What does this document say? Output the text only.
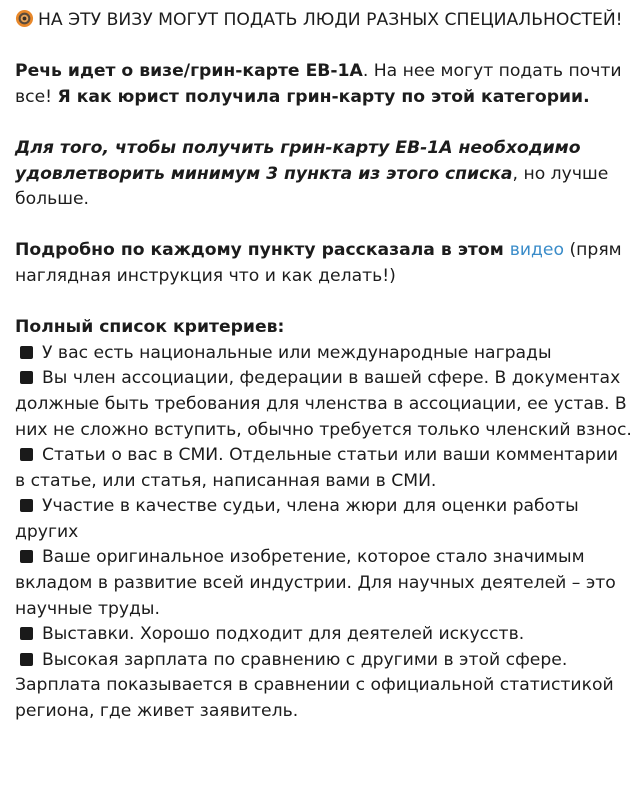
НА ЭТУ ВИЗУ МОГУТ ПОДАТЬ ЛЮДИ РАЗНЫХ СПЕЦИАЛЬНОСТЕЙ!

Речь идет о визе/грин-карте EB-1A. На нее могут подать почти все! Я как юрист получила грин-карту по этой категории.

Для того, чтобы получить грин-карту EB-1A необходимо удовлетворить минимум 3 пункта из этого списка, но лучше больше.

Подробно по каждому пункту рассказала в этом видео (прям наглядная инструкция что и как делать!)

Полный список критериев:

У вас есть национальные или международные награды
Вы член ассоциации, федерации в вашей сфере. В документах должные быть требования для членства в ассоциации, ее устав. В них не сложно вступить, обычно требуется только членский взнос.
Статьи о вас в СМИ. Отдельные статьи или ваши комментарии в статье, или статья, написанная вами в СМИ.
Участие в качестве судьи, члена жюри для оценки работы других
Ваше оригинальное изобретение, которое стало значимым вкладом в развитие всей индустрии. Для научных деятелей – это научные труды.
Выставки. Хорошо подходит для деятелей искусств.
Высокая зарплата по сравнению с другими в этой сфере. Зарплата показывается в сравнении с официальной статистикой региона, где живет заявитель.
